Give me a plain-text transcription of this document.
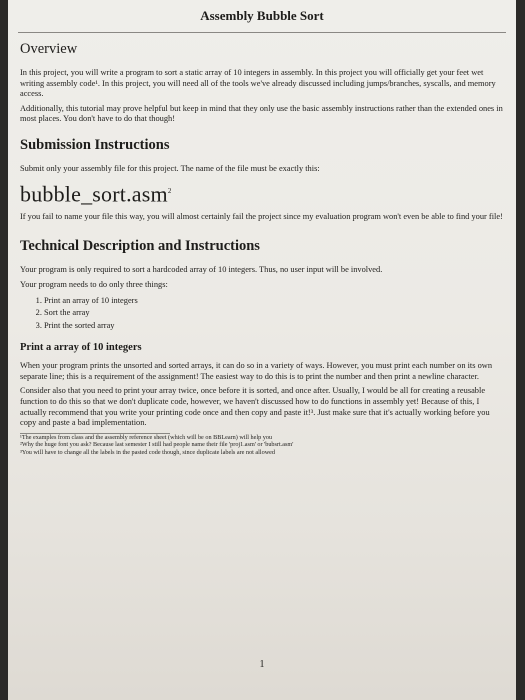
Assembly Bubble Sort
Overview

In this project, you will write a program to sort a static array of 10 integers in assembly. In this project you will officially get your feet wet writing assembly code¹. In this project, you will need all of the tools we've already discussed including jumps/branches, syscalls, and memory access.

Additionally, this tutorial may prove helpful but keep in mind that they only use the basic assembly instructions rather than the extended ones in most places. You don't have to do that though!

Submission Instructions

Submit only your assembly file for this project. The name of the file must be exactly this:

bubble_sort.asm$^2$

If you fail to name your file this way, you will almost certainly fail the project since my evaluation program won't even be able to find your file!

Technical Description and Instructions

Your program is only required to sort a hardcoded array of 10 integers. Thus, no user input will be involved.

Your program needs to do only three things:

1. Print an array of 10 integers
2. Sort the array
3. Print the sorted array
Print a array of 10 integers

When your program prints the unsorted and sorted arrays, it can do so in a variety of ways. However, you must print each number on its own separate line; this is a requirement of the assignment! The easiest way to do this is to print the number and then print a newline character.

Consider also that you need to print your array twice, once before it is sorted, and once after. Usually, I would be all for creating a reusable function to do this so that we don't duplicate code, however, we haven't discussed how to do functions in assembly yet! Because of this, I actually recommend that you write your printing code once and then copy and paste it!³. Just make sure that it's actually working before you copy and paste a bad implementation.

¹The examples from class and the assembly reference sheet (which will be on BBLearn) will help you

²Why the huge font you ask? Because last semester I still had people name their file 'proj1.asm' or 'bubsrt.asm'

³You will have to change all the labels in the pasted code though, since duplicate labels are not allowed

1
